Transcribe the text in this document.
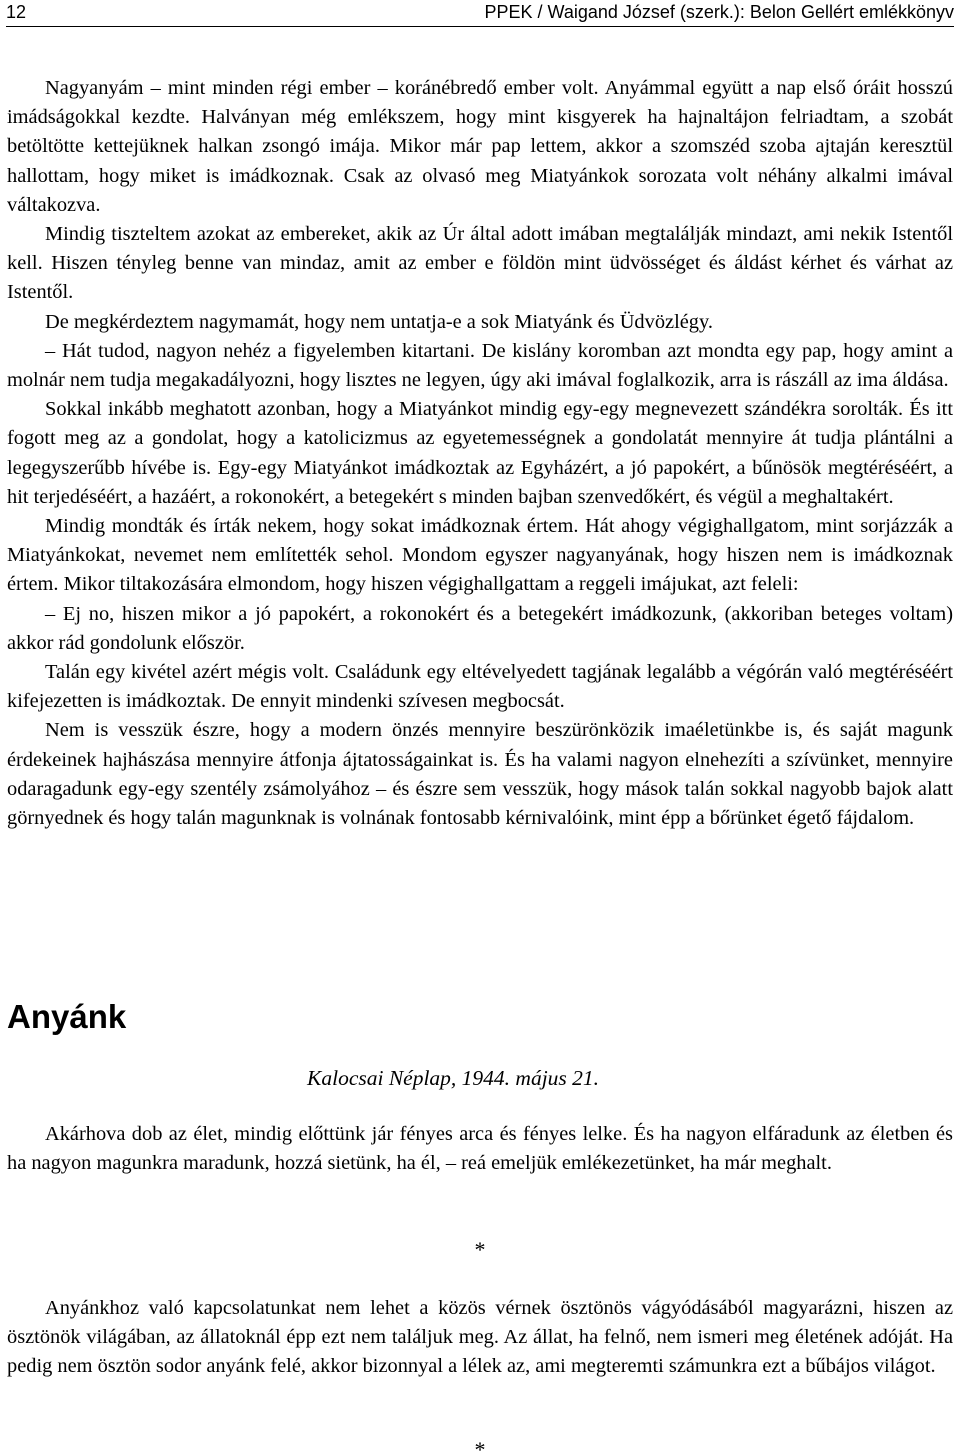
12	PPEK / Waigand József (szerk.): Belon Gellért emlékkönyv

Nagyanyám – mint minden régi ember – koránébredő ember volt. Anyámmal együtt a nap első óráit hosszú imádságokkal kezdte. Halványan még emlékszem, hogy mint kisgyerek ha hajnaltájon felriadtam, a szobát betöltötte kettejüknek halkan zsongó imája. Mikor már pap lettem, akkor a szomszéd szoba ajtaján keresztül hallottam, hogy miket is imádkoznak. Csak az olvasó meg Miatyánkok sorozata volt néhány alkalmi imával váltakozva.

Mindig tiszteltem azokat az embereket, akik az Úr által adott imában megtalálják mindazt, ami nekik Istentől kell. Hiszen tényleg benne van mindaz, amit az ember e földön mint üdvösséget és áldást kérhet és várhat az Istentől.

De megkérdeztem nagymamát, hogy nem untatja-e a sok Miatyánk és Üdvözlégy.

– Hát tudod, nagyon nehéz a figyelemben kitartani. De kislány koromban azt mondta egy pap, hogy amint a molnár nem tudja megakadályozni, hogy lisztes ne legyen, úgy aki imával foglalkozik, arra is rászáll az ima áldása.

Sokkal inkább meghatott azonban, hogy a Miatyánkot mindig egy-egy megnevezett szándékra sorolták. És itt fogott meg az a gondolat, hogy a katolicizmus az egyetemességnek a gondolatát mennyire át tudja plántálni a legegyszerűbb hívébe is. Egy-egy Miatyánkot imádkoztak az Egyházért, a jó papokért, a bűnösök megtéréséért, a hit terjedéséért, a hazáért, a rokonokért, a betegekért s minden bajban szenvedőkért, és végül a meghaltakért.

Mindig mondták és írták nekem, hogy sokat imádkoznak értem. Hát ahogy végighallgatom, mint sorjázzák a Miatyánkokat, nevemet nem említették sehol. Mondom egyszer nagyanyának, hogy hiszen nem is imádkoznak értem. Mikor tiltakozására elmondom, hogy hiszen végighallgattam a reggeli imájukat, azt feleli:

– Ej no, hiszen mikor a jó papokért, a rokonokért és a betegekért imádkozunk, (akkoriban beteges voltam) akkor rád gondolunk először.

Talán egy kivétel azért mégis volt. Családunk egy eltévelyedett tagjának legalább a végórán való megtéréséért kifejezetten is imádkoztak. De ennyit mindenki szívesen megbocsát.

Nem is vesszük észre, hogy a modern önzés mennyire beszürönközik imaéletünkbe is, és saját magunk érdekeinek hajhászása mennyire átfonja ájtatosságainkat is. És ha valami nagyon elnehezíti a szívünket, mennyire odaragadunk egy-egy szentély zsámolyához – és észre sem vesszük, hogy mások talán sokkal nagyobb bajok alatt görnyednek és hogy talán magunknak is volnának fontosabb kérnivalóink, mint épp a bőrünket égető fájdalom.

Anyánk

Kalocsai Néplap, 1944. május 21.

Akárhova dob az élet, mindig előttünk jár fényes arca és fényes lelke. És ha nagyon elfáradunk az életben és ha nagyon magunkra maradunk, hozzá sietünk, ha él, – reá emeljük emlékezetünket, ha már meghalt.

*

Anyánkhoz való kapcsolatunkat nem lehet a közös vérnek ösztönös vágyódásából magyarázni, hiszen az ösztönök világában, az állatoknál épp ezt nem találjuk meg. Az állat, ha felnő, nem ismeri meg életének adóját. Ha pedig nem ösztön sodor anyánk felé, akkor bizonnyal a lélek az, ami megteremti számunkra ezt a bűbájos világot.

*
